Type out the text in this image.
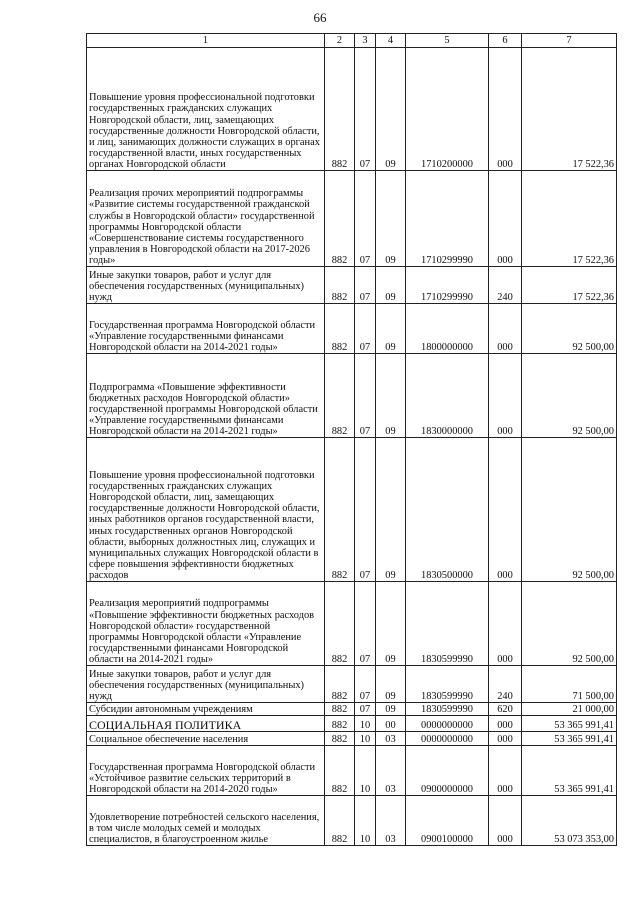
66
1	2	3	4	5	6	7
Повышение уровня профессиональной подготовки государственных гражданских служащих Новгородской области, лиц, замещающих государственные должности Новгородской области, и лиц, занимающих должности служащих в органах государственной власти, иных государственных органах Новгородской области	882	07	09	1710200000	000	17 522,36
Реализация прочих мероприятий подпрограммы «Развитие системы государственной гражданской службы в Новгородской области» государственной программы Новгородской области «Совершенствование системы государственного управления в Новгородской области на 2017-2026 годы»	882	07	09	1710299990	000	17 522,36
Иные закупки товаров, работ и услуг для обеспечения государственных (муниципальных) нужд	882	07	09	1710299990	240	17 522,36
Государственная программа Новгородской области «Управление государственными финансами Новгородской области на 2014-2021 годы»	882	07	09	1800000000	000	92 500,00
Подпрограмма «Повышение эффективности бюджетных расходов Новгородской области» государственной программы Новгородской области «Управление государственными финансами Новгородской области на 2014-2021 годы»	882	07	09	1830000000	000	92 500,00
Повышение уровня профессиональной подготовки государственных гражданских служащих Новгородской области, лиц, замещающих государственные должности Новгородской области, иных работников органов государственной власти, иных государственных органов Новгородской области, выборных должностных лиц, служащих и муниципальных служащих Новгородской области в сфере повышения эффективности бюджетных расходов	882	07	09	1830500000	000	92 500,00
Реализация мероприятий подпрограммы «Повышение эффективности бюджетных расходов Новгородской области» государственной программы Новгородской области «Управление государственными финансами Новгородской области на 2014-2021 годы»	882	07	09	1830599990	000	92 500,00
Иные закупки товаров, работ и услуг для обеспечения государственных (муниципальных) нужд	882	07	09	1830599990	240	71 500,00
Субсидии автономным учреждениям	882	07	09	1830599990	620	21 000,00
СОЦИАЛЬНАЯ ПОЛИТИКА	882	10	00	0000000000	000	53 365 991,41
Социальное обеспечение населения	882	10	03	0000000000	000	53 365 991,41
Государственная программа Новгородской области «Устойчивое развитие сельских территорий в Новгородской области на 2014-2020 годы»	882	10	03	0900000000	000	53 365 991,41
Удовлетворение потребностей сельского населения, в том числе молодых семей и молодых специалистов, в благоустроенном жилье	882	10	03	0900100000	000	53 073 353,00
